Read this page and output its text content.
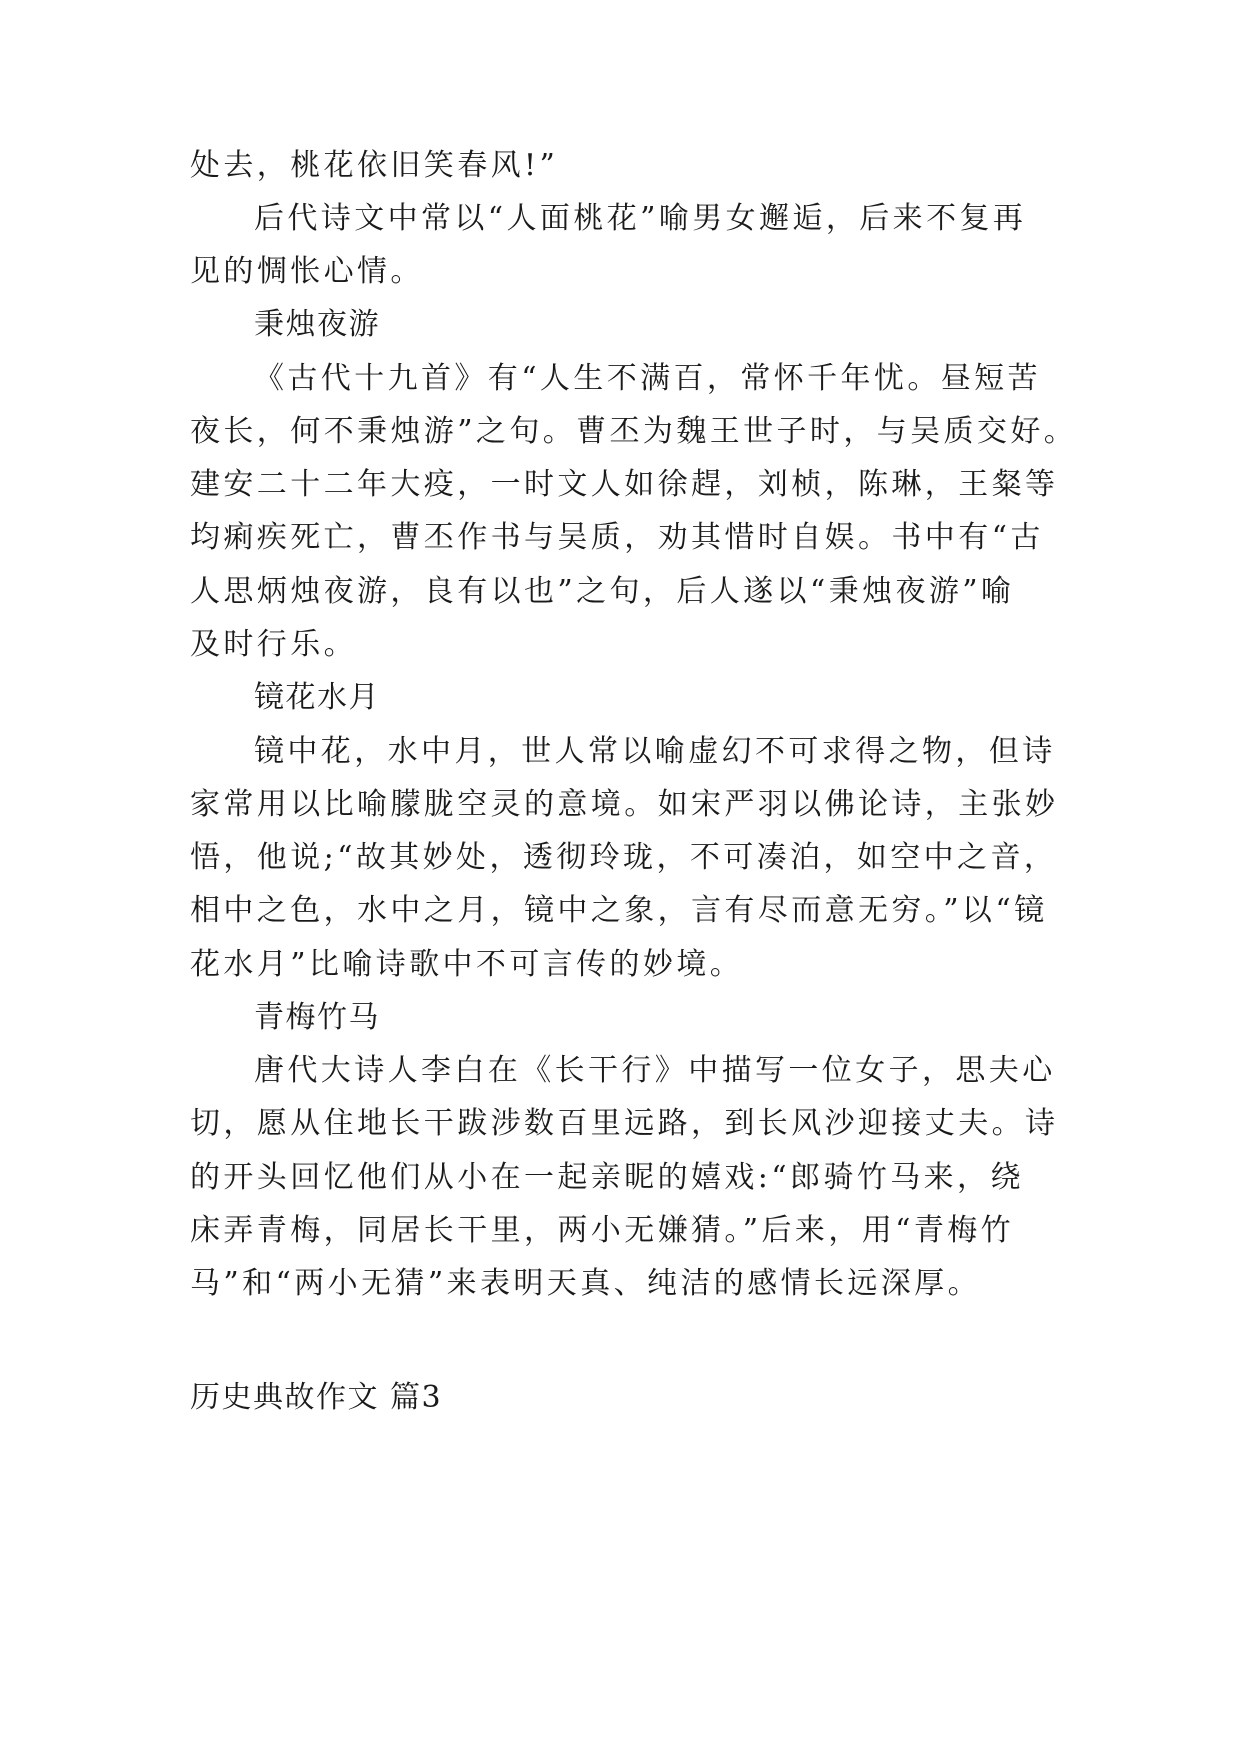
处去，桃花依旧笑春风!”
后代诗文中常以“人面桃花”喻男女邂逅，后来不复再
见的惆怅心情。
秉烛夜游
《古代十九首》有“人生不满百，常怀千年忧。昼短苦
夜长，何不秉烛游”之句。曹丕为魏王世子时，与吴质交好。
建安二十二年大疫，一时文人如徐趕，刘桢，陈琳，王粲等
均痢疾死亡，曹丕作书与吴质，劝其惜时自娱。书中有“古
人思炳烛夜游，良有以也”之句，后人遂以“秉烛夜游”喻
及时行乐。
镜花水月
镜中花，水中月，世人常以喻虚幻不可求得之物，但诗
家常用以比喻朦胧空灵的意境。如宋严羽以佛论诗，主张妙
悟，他说;“故其妙处，透彻玲珑，不可凑泊，如空中之音，
相中之色，水中之月，镜中之象，言有尽而意无穷。”以“镜
花水月”比喻诗歌中不可言传的妙境。
青梅竹马
唐代大诗人李白在《长干行》中描写一位女子，思夫心
切，愿从住地长干跋涉数百里远路，到长风沙迎接丈夫。诗
的开头回忆他们从小在一起亲昵的嬉戏:“郎骑竹马来，绕
床弄青梅，同居长干里，两小无嫌猜。”后来，用“青梅竹
马”和“两小无猜”来表明天真、纯洁的感情长远深厚。
历史典故作文 篇3
